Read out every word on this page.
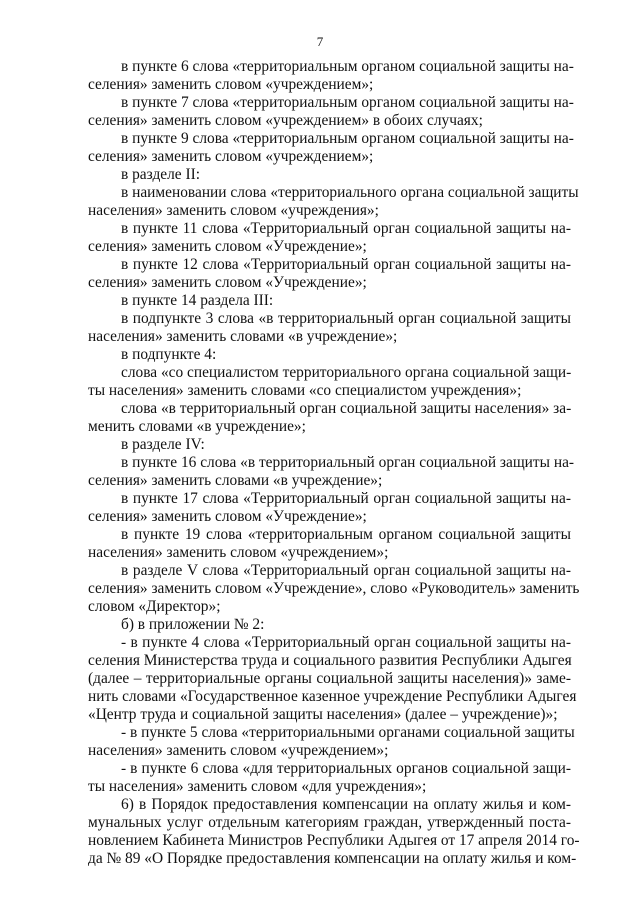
7
в пункте 6 слова «территориальным органом социальной защиты на-
селения» заменить словом «учреждением»;
в пункте 7 слова «территориальным органом социальной защиты на-
селения» заменить словом «учреждением» в обоих случаях;
в пункте 9 слова «территориальным органом социальной защиты на-
селения» заменить словом «учреждением»;
в разделе II:
в наименовании слова «территориального органа социальной защиты
населения» заменить словом «учреждения»;
в пункте 11 слова «Территориальный орган социальной защиты на-
селения» заменить словом «Учреждение»;
в пункте 12 слова «Территориальный орган социальной защиты на-
селения» заменить словом «Учреждение»;
в пункте 14 раздела III:
в подпункте 3 слова «в территориальный орган социальной защиты
населения» заменить словами «в учреждение»;
в подпункте 4:
слова «со специалистом территориального органа социальной защи-
ты населения» заменить словами «со специалистом учреждения»;
слова «в территориальный орган социальной защиты населения» за-
менить словами «в учреждение»;
в разделе IV:
в пункте 16 слова «в территориальный орган социальной защиты на-
селения» заменить словами «в учреждение»;
в пункте 17 слова «Территориальный орган социальной защиты на-
селения» заменить словом «Учреждение»;
в пункте 19 слова «территориальным органом социальной защиты
населения» заменить словом «учреждением»;
в разделе V слова «Территориальный орган социальной защиты на-
селения» заменить словом «Учреждение», слово «Руководитель» заменить
словом «Директор»;
б) в приложении № 2:
- в пункте 4 слова «Территориальный орган социальной защиты на-
селения Министерства труда и социального развития Республики Адыгея
(далее – территориальные органы социальной защиты населения)» заме-
нить словами «Государственное казенное учреждение Республики Адыгея
«Центр труда и социальной защиты населения» (далее – учреждение)»;
- в пункте 5 слова «территориальными органами социальной защиты
населения» заменить словом «учреждением»;
- в пункте 6 слова «для территориальных органов социальной защи-
ты населения» заменить словом «для учреждения»;
6) в Порядок предоставления компенсации на оплату жилья и ком-
мунальных услуг отдельным категориям граждан, утвержденный поста-
новлением Кабинета Министров Республики Адыгея от 17 апреля 2014 го-
да № 89 «О Порядке предоставления компенсации на оплату жилья и ком-
